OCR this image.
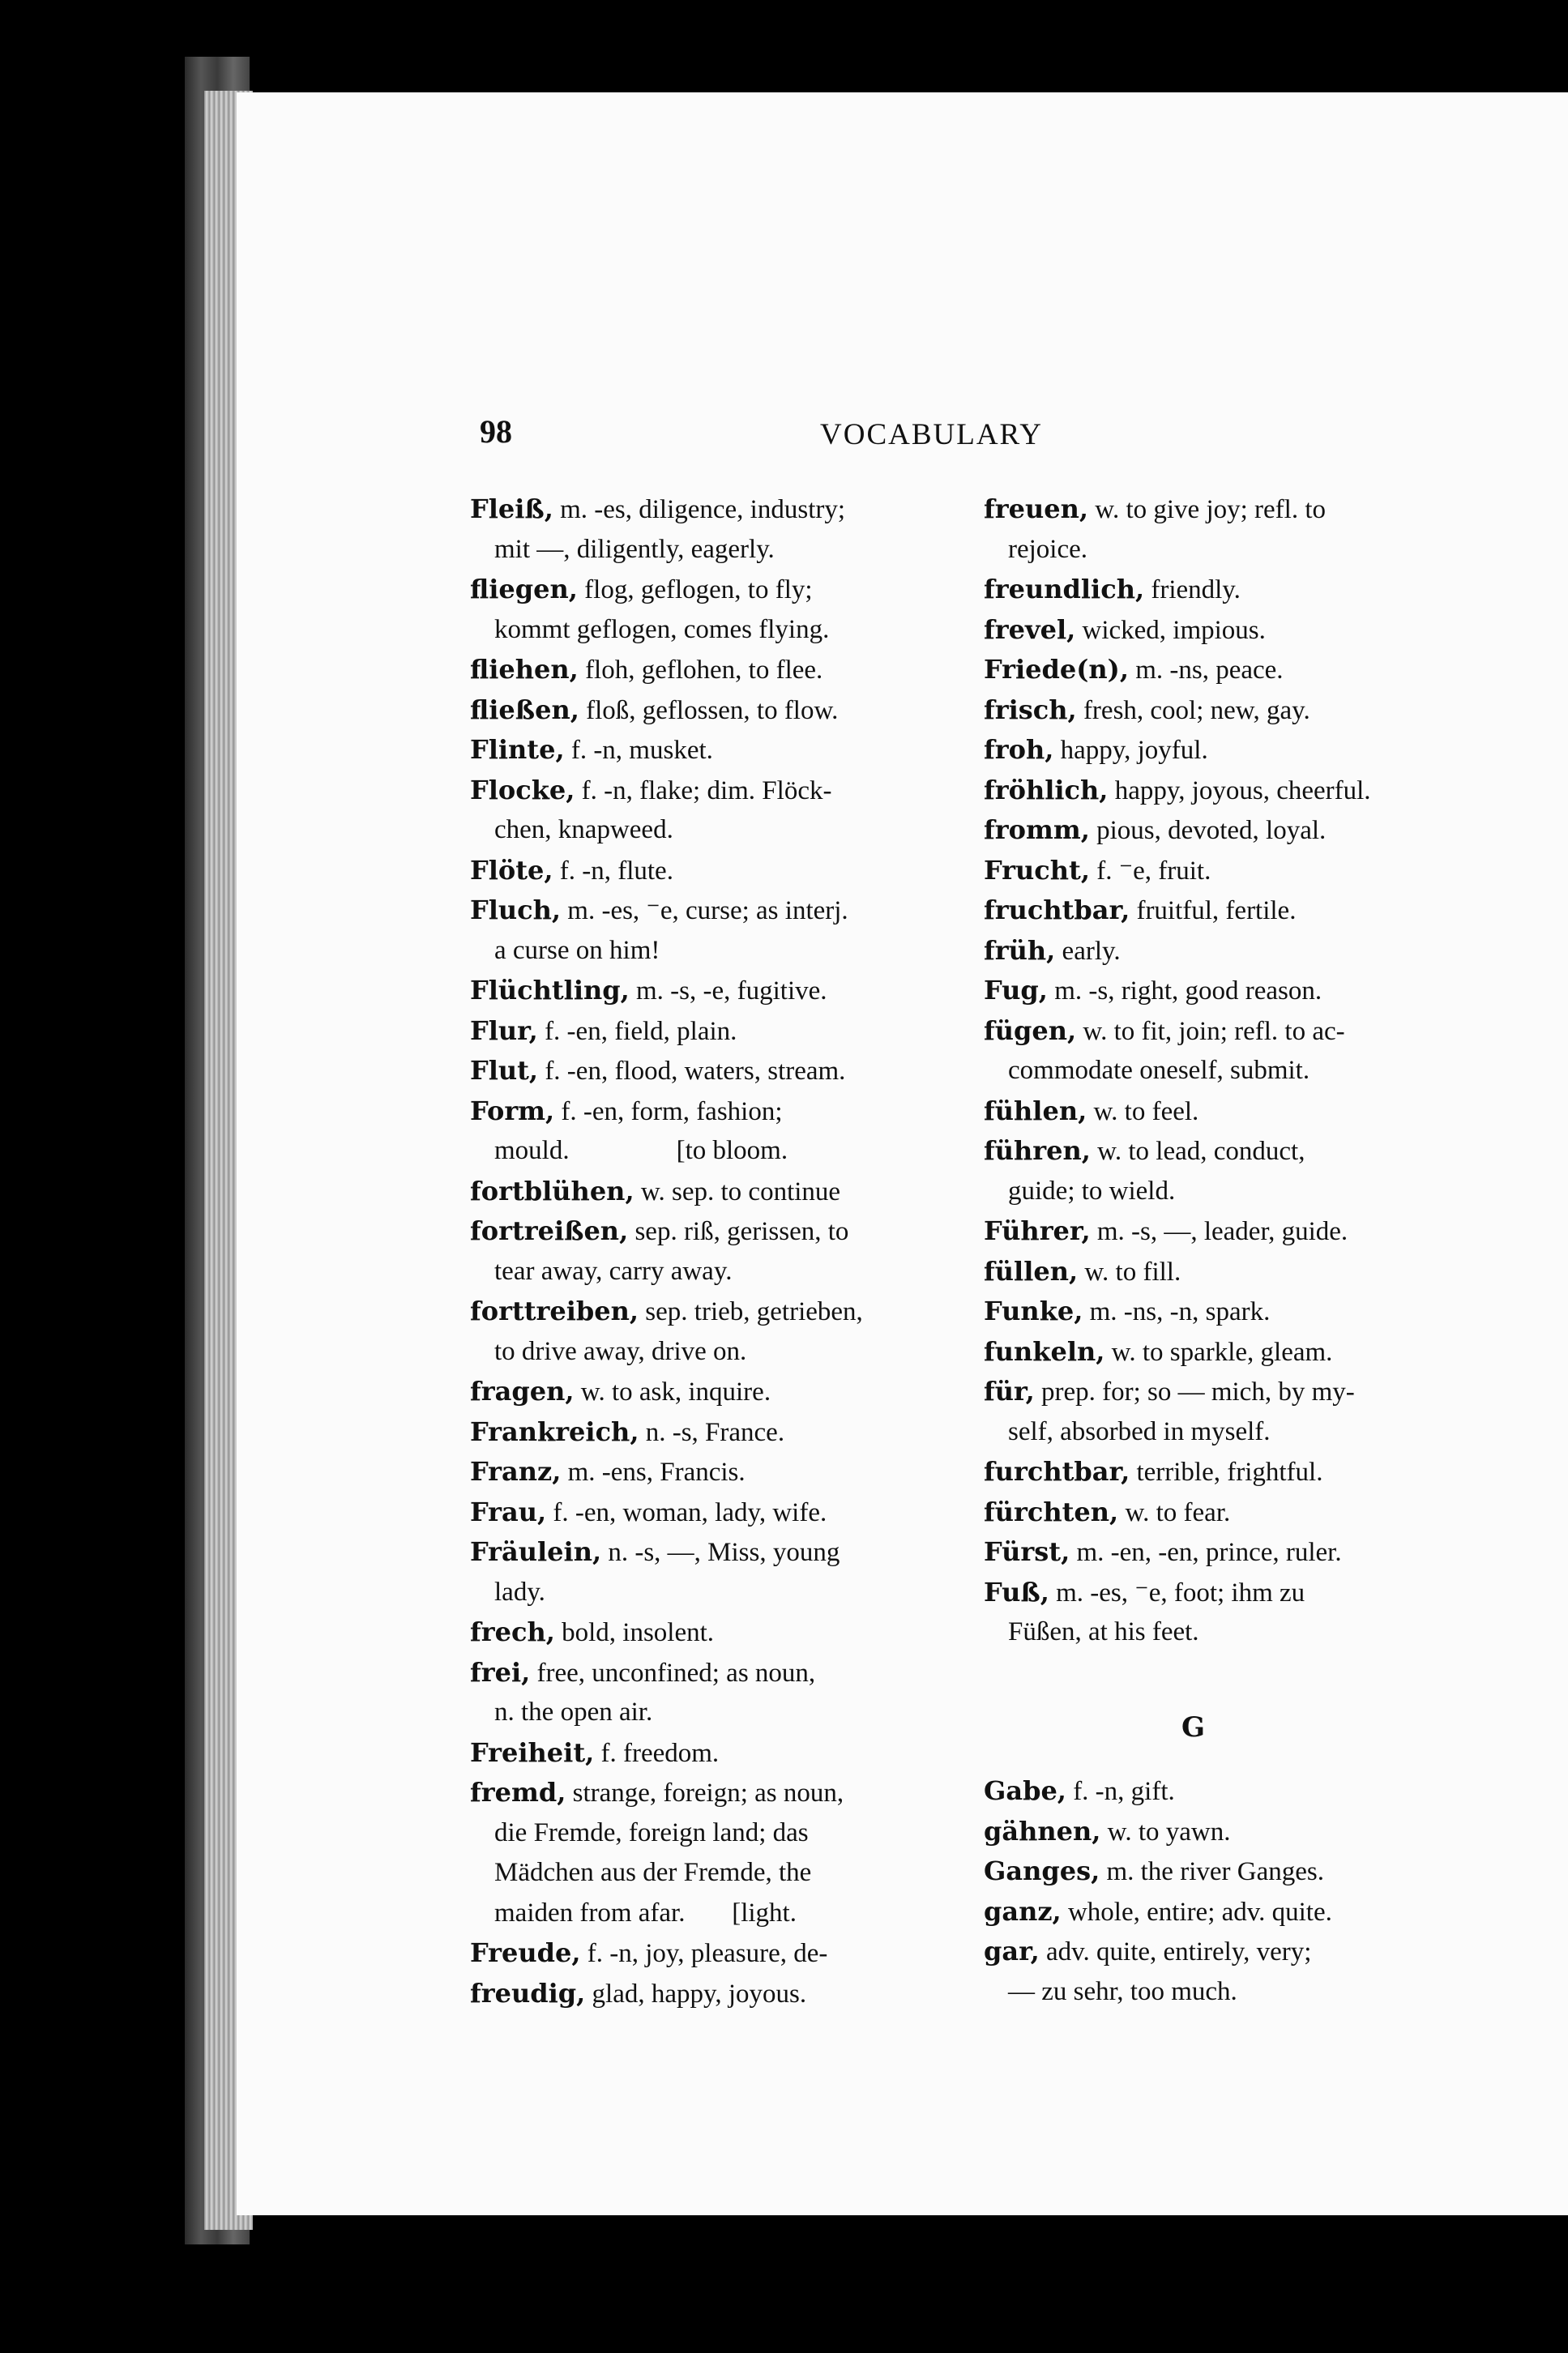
98	VOCABULARY
Fleiß, m. -es, diligence, industry;
mit —, diligently, eagerly.
fliegen, flog, geflogen, to fly;
kommt geflogen, comes flying.
fliehen, floh, geflohen, to flee.
fließen, floß, geflossen, to flow.
Flinte, f. -n, musket.
Flocke, f. -n, flake; dim. Flöck-
chen, knapweed.
Flöte, f. -n, flute.
Fluch, m. -es, ⁻e, curse; as interj.
a curse on him!
Flüchtling, m. -s, -e, fugitive.
Flur, f. -en, field, plain.
Flut, f. -en, flood, waters, stream.
Form, f. -en, form, fashion;
mould.                [to bloom.
fortblühen, w. sep. to continue
fortreißen, sep. riß, gerissen, to
tear away, carry away.
forttreiben, sep. trieb, getrieben,
to drive away, drive on.
fragen, w. to ask, inquire.
Frankreich, n. -s, France.
Franz, m. -ens, Francis.
Frau, f. -en, woman, lady, wife.
Fräulein, n. -s, —, Miss, young
lady.
frech, bold, insolent.
frei, free, unconfined; as noun,
n. the open air.
Freiheit, f. freedom.
fremd, strange, foreign; as noun,
die Fremde, foreign land; das
Mädchen aus der Fremde, the
maiden from afar.       [light.
Freude, f. -n, joy, pleasure, de-
freudig, glad, happy, joyous.
freuen, w. to give joy; refl. to
rejoice.
freundlich, friendly.
frevel, wicked, impious.
Friede(n), m. -ns, peace.
frisch, fresh, cool; new, gay.
froh, happy, joyful.
fröhlich, happy, joyous, cheerful.
fromm, pious, devoted, loyal.
Frucht, f. ⁻e, fruit.
fruchtbar, fruitful, fertile.
früh, early.
Fug, m. -s, right, good reason.
fügen, w. to fit, join; refl. to ac-
commodate oneself, submit.
fühlen, w. to feel.
führen, w. to lead, conduct,
guide; to wield.
Führer, m. -s, —, leader, guide.
füllen, w. to fill.
Funke, m. -ns, -n, spark.
funkeln, w. to sparkle, gleam.
für, prep. for; so — mich, by my-
self, absorbed in myself.
furchtbar, terrible, frightful.
fürchten, w. to fear.
Fürst, m. -en, -en, prince, ruler.
Fuß, m. -es, ⁻e, foot; ihm zu
Füßen, at his feet.
G
Gabe, f. -n, gift.
gähnen, w. to yawn.
Ganges, m. the river Ganges.
ganz, whole, entire; adv. quite.
gar, adv. quite, entirely, very;
— zu sehr, too much.
